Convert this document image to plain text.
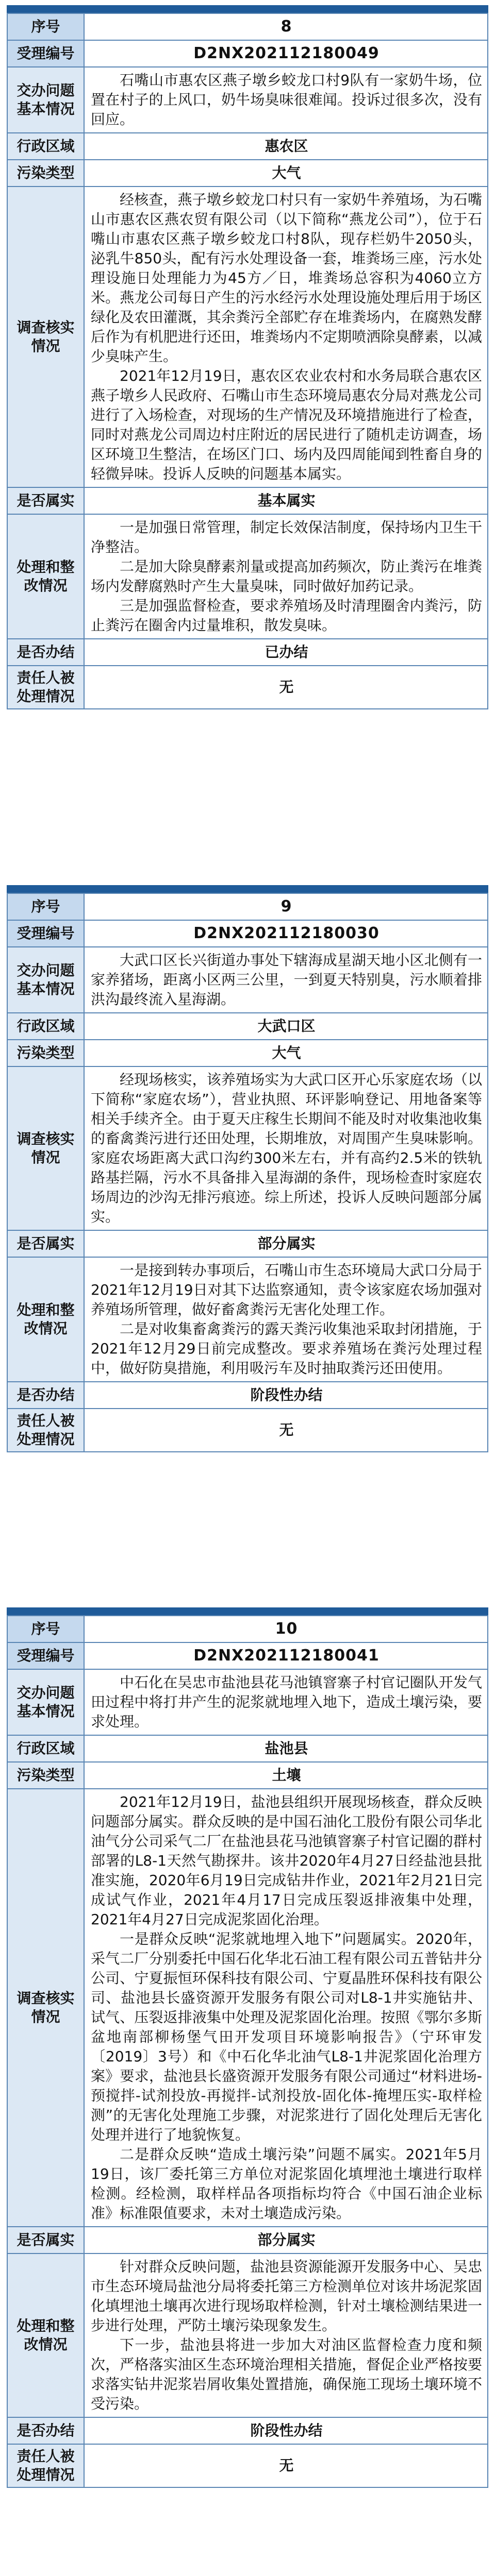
序号	8
受理编号	D2NX202112180049
交办问题基本情况	石嘴山市惠农区燕子墩乡蛟龙口村9队有一家奶牛场，位置在村子的上风口，奶牛场臭味很难闻。投诉过很多次，没有回应。

行政区域	惠农区
污染类型	大气
调查核实情况	经核查，燕子墩乡蛟龙口村只有一家奶牛养殖场，为石嘴山市惠农区燕农贸有限公司（以下简称“燕龙公司”），位于石嘴山市惠农区燕子墩乡蛟龙口村8队，现存栏奶牛2050头，泌乳牛850头，配有污水处理设备一套，堆粪场三座，污水处理设施日处理能力为45方／日，堆粪场总容积为4060立方米。燕龙公司每日产生的污水经污水处理设施处理后用于场区绿化及农田灌溉，其余粪污全部贮存在堆粪场内，在腐熟发酵后作为有机肥进行还田，堆粪场内不定期喷洒除臭酵素，以减少臭味产生。

2021年12月19日，惠农区农业农村和水务局联合惠农区燕子墩乡人民政府、石嘴山市生态环境局惠农分局对燕龙公司进行了入场检查，对现场的生产情况及环境措施进行了检查，同时对燕龙公司周边村庄附近的居民进行了随机走访调查，场区环境卫生整洁，在场区门口、场内及四周能闻到牲畜自身的轻微异味。投诉人反映的问题基本属实。

是否属实	基本属实
处理和整改情况	一是加强日常管理，制定长效保洁制度，保持场内卫生干净整洁。

二是加大除臭酵素剂量或提高加药频次，防止粪污在堆粪场内发酵腐熟时产生大量臭味，同时做好加药记录。

三是加强监督检查，要求养殖场及时清理圈舍内粪污，防止粪污在圈舍内过量堆积，散发臭味。

是否办结	已办结
责任人被处理情况	无
序号	9
受理编号	D2NX202112180030
交办问题基本情况	大武口区长兴街道办事处下辖海成星湖天地小区北侧有一家养猪场，距离小区两三公里，一到夏天特别臭，污水顺着排洪沟最终流入星海湖。

行政区域	大武口区
污染类型	大气
调查核实情况	经现场核实，该养殖场实为大武口区开心乐家庭农场（以下简称“家庭农场”），营业执照、环评影响登记、用地备案等相关手续齐全。由于夏天庄稼生长期间不能及时对收集池收集的畜禽粪污进行还田处理，长期堆放，对周围产生臭味影响。家庭农场距离大武口沟约300米左右，并有高约2.5米的铁轨路基拦隔，污水不具备排入星海湖的条件，现场检查时家庭农场周边的沙沟无排污痕迹。综上所述，投诉人反映问题部分属实。

是否属实	部分属实
处理和整改情况	一是接到转办事项后，石嘴山市生态环境局大武口分局于2021年12月19日对其下达监察通知，责令该家庭农场加强对养殖场所管理，做好畜禽粪污无害化处理工作。

二是对收集畜禽粪污的露天粪污收集池采取封闭措施，于2021年12月29日前完成整改。要求养殖场在粪污处理过程中，做好防臭措施，利用吸污车及时抽取粪污还田使用。

是否办结	阶段性办结
责任人被处理情况	无
序号	10
受理编号	D2NX202112180041
交办问题基本情况	中石化在吴忠市盐池县花马池镇窨寨子村官记圈队开发气田过程中将打井产生的泥浆就地埋入地下，造成土壤污染，要求处理。

行政区域	盐池县
污染类型	土壤
调查核实情况	2021年12月19日，盐池县组织开展现场核查，群众反映问题部分属实。群众反映的是中国石油化工股份有限公司华北油气分公司采气二厂在盐池县花马池镇窨寨子村官记圈的群村部署的L8-1天然气勘探井。该井2020年4月27日经盐池县批准实施，2020年6月19日完成钻井作业，2021年2月21日完成试气作业，2021年4月17日完成压裂返排液集中处理，2021年4月27日完成泥浆固化治理。

一是群众反映“泥浆就地埋入地下”问题属实。2020年，采气二厂分别委托中国石化华北石油工程有限公司五普钻井分公司、宁夏振恒环保科技有限公司、宁夏晶胜环保科技有限公司、盐池县长盛资源开发服务有限公司对L8-1井实施钻井、试气、压裂返排液集中处理及泥浆固化治理。按照《鄂尔多斯盆地南部柳杨堡气田开发项目环境影响报告》（宁环审发〔2019〕3号）和《中石化华北油气L8-1井泥浆固化治理方案》要求，盐池县长盛资源开发服务有限公司通过“材料进场-预搅拌-试剂投放-再搅拌-试剂投放-固化体-掩埋压实-取样检测”的无害化处理施工步骤，对泥浆进行了固化处理后无害化处理并进行了地貌恢复。

二是群众反映“造成土壤污染”问题不属实。2021年5月19日，该厂委托第三方单位对泥浆固化填埋池土壤进行取样检测。经检测，取样样品各项指标均符合《中国石油企业标准》标准限值要求，未对土壤造成污染。

是否属实	部分属实
处理和整改情况	针对群众反映问题，盐池县资源能源开发服务中心、吴忠市生态环境局盐池分局将委托第三方检测单位对该井场泥浆固化填埋池土壤再次进行现场取样检测，针对土壤检测结果进一步进行处理，严防土壤污染现象发生。

下一步，盐池县将进一步加大对油区监督检查力度和频次，严格落实油区生态环境治理相关措施，督促企业严格按要求落实钻井泥浆岩屑收集处置措施，确保施工现场土壤环境不受污染。

是否办结	阶段性办结
责任人被处理情况	无
